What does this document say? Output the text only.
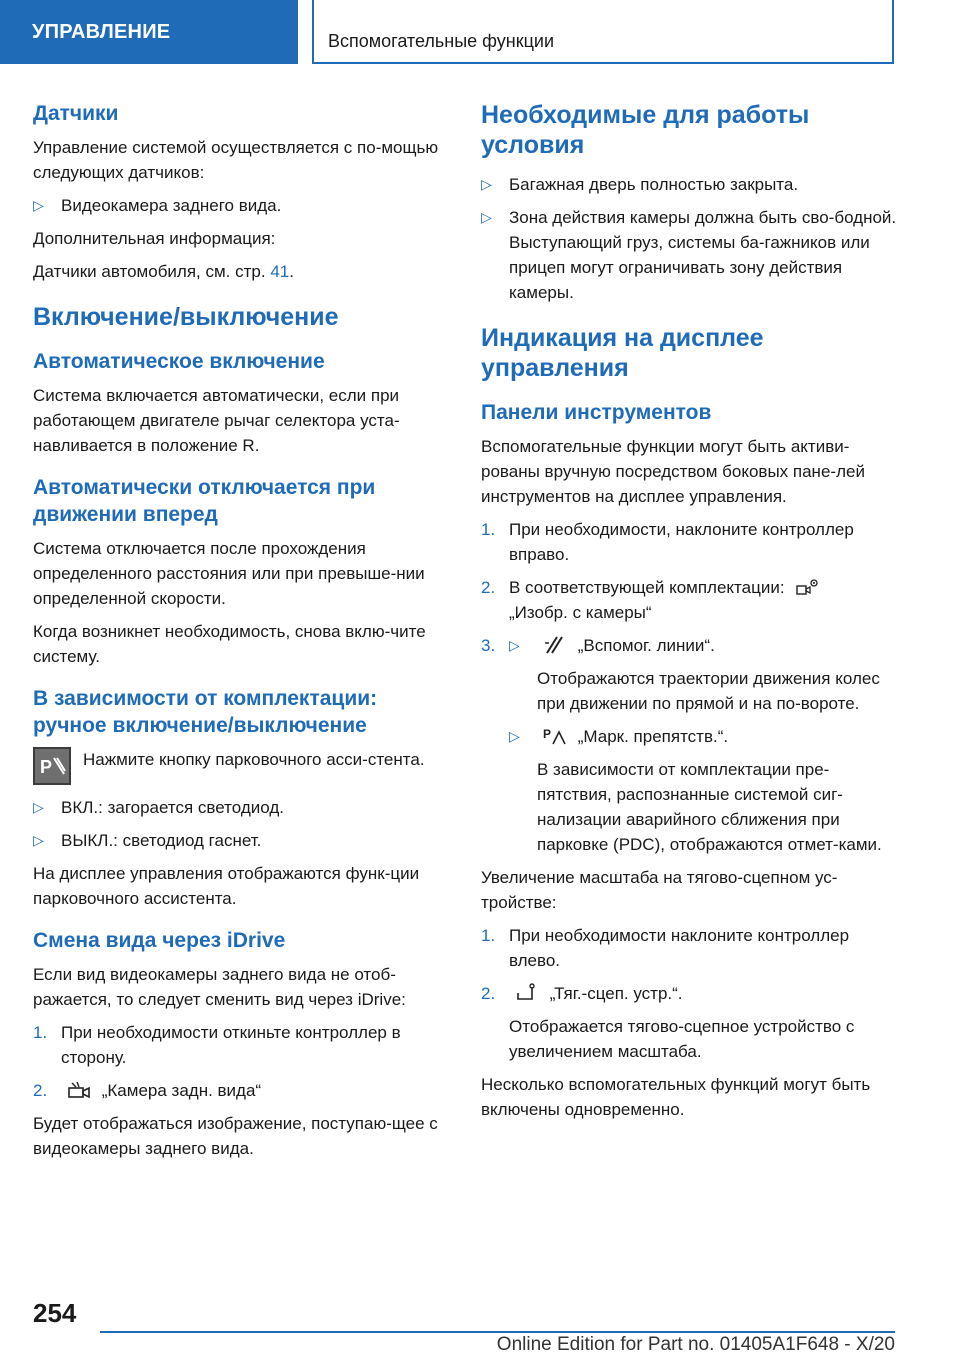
УПРАВЛЕНИЕ	Вспомогательные функции
Датчики

Управление системой осуществляется с по-мощью следующих датчиков:

▷ Видеокамера заднего вида.

Дополнительная информация:

Датчики автомобиля, см. стр. 41.

Включение/выключение
Автоматическое включение

Система включается автоматически, если при работающем двигателе рычаг селектора уста-навливается в положение R.

Автоматически отключается при движении вперед

Система отключается после прохождения определенного расстояния или при превыше-нии определенной скорости.

Когда возникнет необходимость, снова вклю-чите систему.

В зависимости от комплектации: ручное включение/выключение
P Нажмите кнопку парковочного асси-стента.

▷ ВКЛ.: загорается светодиод.
▷ ВЫКЛ.: светодиод гаснет.

На дисплее управления отображаются функ-ции парковочного ассистента.

Смена вида через iDrive

Если вид видеокамеры заднего вида не отоб-ражается, то следует сменить вид через iDrive:

1. При необходимости откиньте контроллер в сторону.
2.	„Камера задн. вида“

Будет отображаться изображение, поступаю-щее с видеокамеры заднего вида.

Необходимые для работы условия
▷ Багажная дверь полностью закрыта.
▷ Зона действия камеры должна быть сво-бодной. Выступающий груз, системы ба-гажников или прицеп могут ограничивать зону действия камеры.
Индикация на дисплее управления
Панели инструментов

Вспомогательные функции могут быть активи-рованы вручную посредством боковых пане-лей инструментов на дисплее управления.

1. При необходимости, наклоните контроллер вправо.
2. В соответствующей комплектации:
„Изобр. с камеры“
3. ▷	„Вспомог. линии“.

Отображаются траектории движения колес при движении по прямой и на по-вороте.

▷ P „Марк. препятств.“.

В зависимости от комплектации пре-пятствия, распознанные системой сиг-нализации аварийного сближения при парковке (PDC), отображаются отмет-ками.

Увеличение масштаба на тягово-сцепном ус-тройстве:

1. При необходимости наклоните контроллер влево.
2.	„Тяг.-сцеп. устр.“.

Отображается тягово-сцепное устройство с увеличением масштаба.

Несколько вспомогательных функций могут быть включены одновременно.

254
Online Edition for Part no. 01405A1F648 - X/20
